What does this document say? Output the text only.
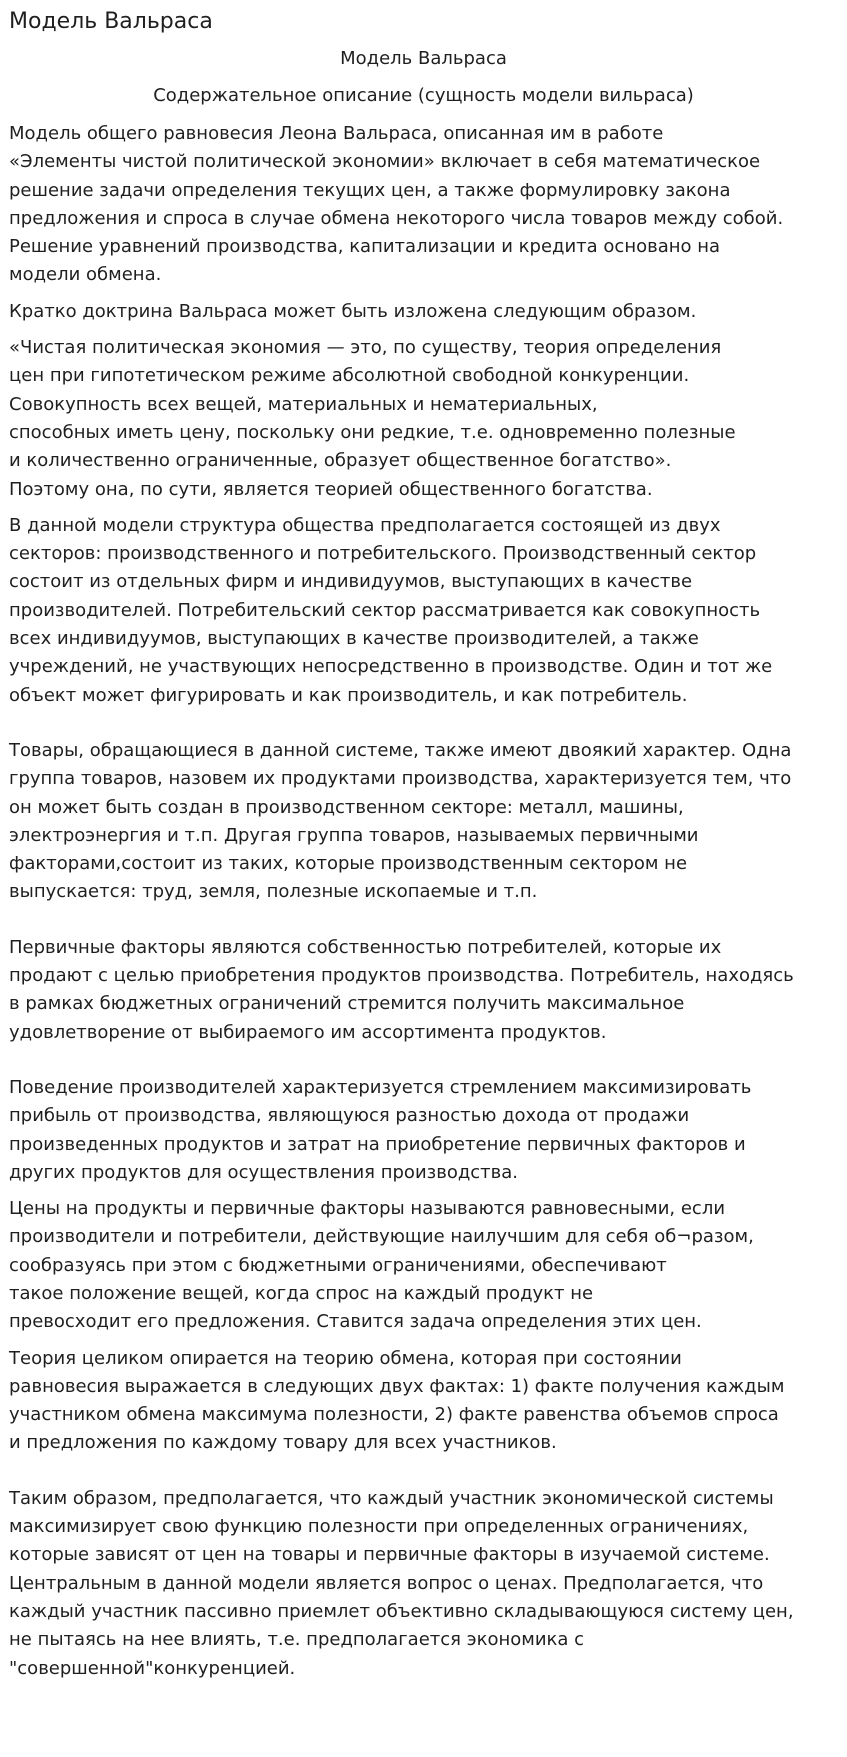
Модель Вальраса

Модель Вальраса

Содержательное описание (сущность модели вильраса)

Модель общего равновесия Леона Вальраса, описанная им в работе
«Элементы чистой политической экономии» включает в себя математическое
решение задачи определения текущих цен, а также формулировку закона
предложения и спроса в случае обмена некоторого числа товаров между собой.
Решение уравнений производства, капитализации и кредита основано на
модели обмена.

Кратко доктрина Вальраса может быть изложена следующим образом.

«Чистая политическая экономия — это, по существу, теория определения
цен при гипотетическом режиме абсолютной свободной конкуренции.
Совокупность всех вещей, материальных и нематериальных,
способных иметь цену, поскольку они редкие, т.е. одновременно полезные
и количественно ограниченные, образует общественное богатство».
Поэтому она, по сути, является теорией общественного богатства.

В данной модели структура общества предполагается состоящей из двух
секторов: производственного и потребительского. Производственный сектор
состоит из отдельных фирм и индивидуумов, выступающих в качестве
производителей. Потребительский сектор рассматривается как совокупность
всех индивидуумов, выступающих в качестве производителей, а также
учреждений, не участвующих непосредственно в производстве. Один и тот же
объект может фигурировать и как производитель, и как потребитель.

Товары, обращающиеся в данной системе, также имеют двоякий характер. Одна
группа товаров, назовем их продуктами производства, характеризуется тем, что
он может быть создан в производственном секторе: металл, машины,
электроэнергия и т.п. Другая группа товаров, называемых первичными
факторами,состоит из таких, которые производственным сектором не
выпускается: труд, земля, полезные ископаемые и т.п.

Первичные факторы являются собственностью потребителей, которые их
продают с целью приобретения продуктов производства. Потребитель, находясь
в рамках бюджетных ограничений стремится получить максимальное
удовлетворение от выбираемого им ассортимента продуктов.

Поведение производителей характеризуется стремлением максимизировать
прибыль от производства, являющуюся разностью дохода от продажи
произведенных продуктов и затрат на приобретение первичных факторов и
других продуктов для осуществления производства.

Цены на продукты и первичные факторы называются равновесными, если
производители и потребители, действующие наилучшим для себя об¬разом,
сообразуясь при этом с бюджетными ограничениями, обеспечивают
такое положение вещей, когда спрос на каждый продукт не
превосходит его предложения. Ставится задача определения этих цен.

Теория целиком опирается на теорию обмена, которая при состоянии
равновесия выражается в следующих двух фактах: 1) факте получения каждым
участником обмена максимума полезности, 2) факте равенства объемов спроса
и предложения по каждому товару для всех участников.

Таким образом, предполагается, что каждый участник экономической системы
максимизирует свою функцию полезности при определенных ограничениях,
которые зависят от цен на товары и первичные факторы в изучаемой системе.
Центральным в данной модели является вопрос о ценах. Предполагается, что
каждый участник пассивно приемлет объективно складывающуюся систему цен,
не пытаясь на нее влиять, т.е. предполагается экономика с
"совершенной"конкуренцией.
